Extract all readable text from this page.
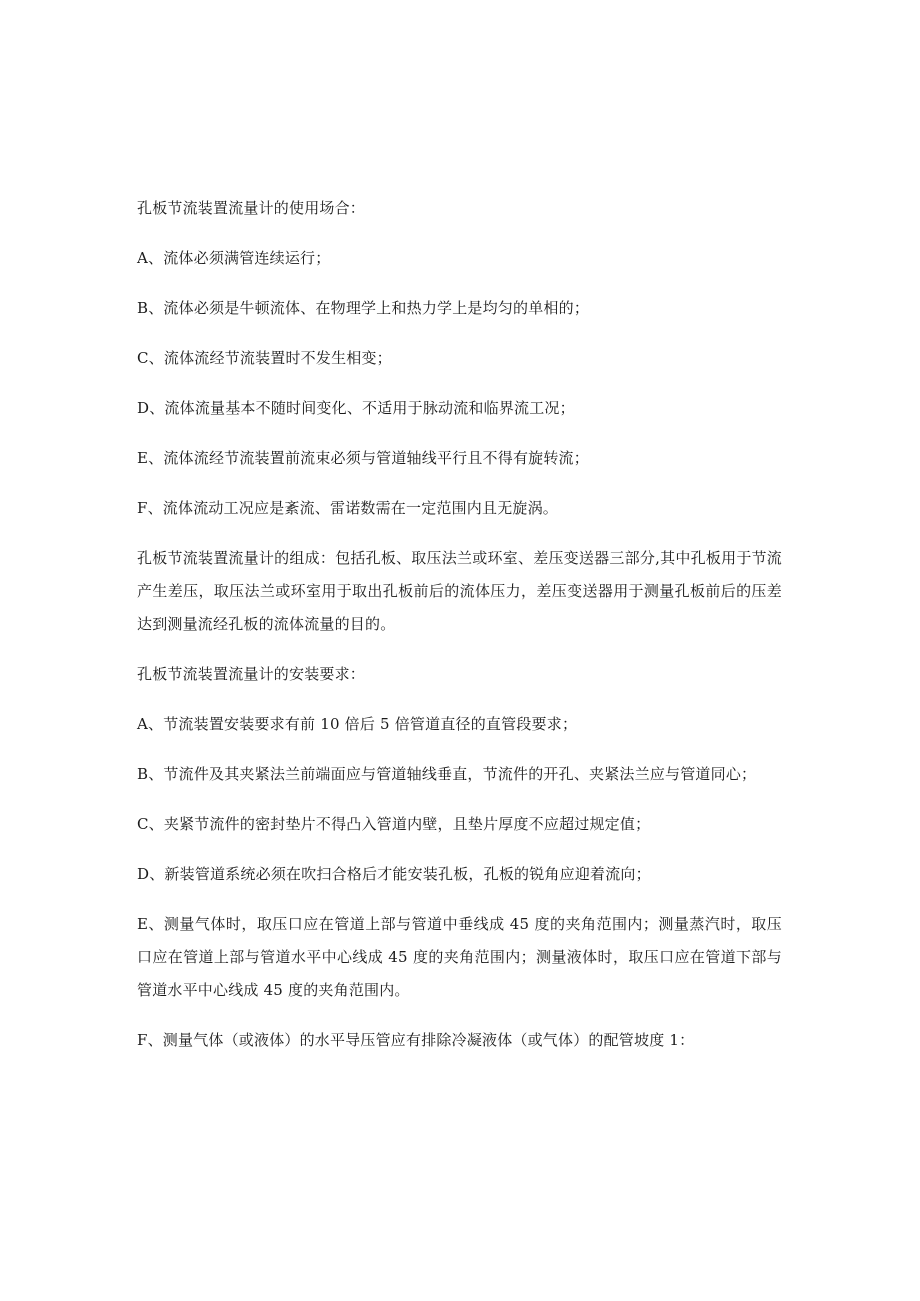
孔板节流装置流量计的使用场合：

A、流体必须满管连续运行；

B、流体必须是牛顿流体、在物理学上和热力学上是均匀的单相的；

C、流体流经节流装置时不发生相变；

D、流体流量基本不随时间变化、不适用于脉动流和临界流工况；

E、流体流经节流装置前流束必须与管道轴线平行且不得有旋转流；

F、流体流动工况应是紊流、雷诺数需在一定范围内且无旋涡。

孔板节流装置流量计的组成：包括孔板、取压法兰或环室、差压变送器三部分,其中孔板用于节流产生差压，取压法兰或环室用于取出孔板前后的流体压力，差压变送器用于测量孔板前后的压差达到测量流经孔板的流体流量的目的。

孔板节流装置流量计的安装要求：

A、节流装置安装要求有前 10 倍后 5 倍管道直径的直管段要求；

B、节流件及其夹紧法兰前端面应与管道轴线垂直，节流件的开孔、夹紧法兰应与管道同心；

C、夹紧节流件的密封垫片不得凸入管道内壁，且垫片厚度不应超过规定值；

D、新装管道系统必须在吹扫合格后才能安装孔板，孔板的锐角应迎着流向；

E、测量气体时，取压口应在管道上部与管道中垂线成 45 度的夹角范围内；测量蒸汽时，取压口应在管道上部与管道水平中心线成 45 度的夹角范围内；测量液体时，取压口应在管道下部与管道水平中心线成 45 度的夹角范围内。

F、测量气体（或液体）的水平导压管应有排除冷凝液体（或气体）的配管坡度 1：
